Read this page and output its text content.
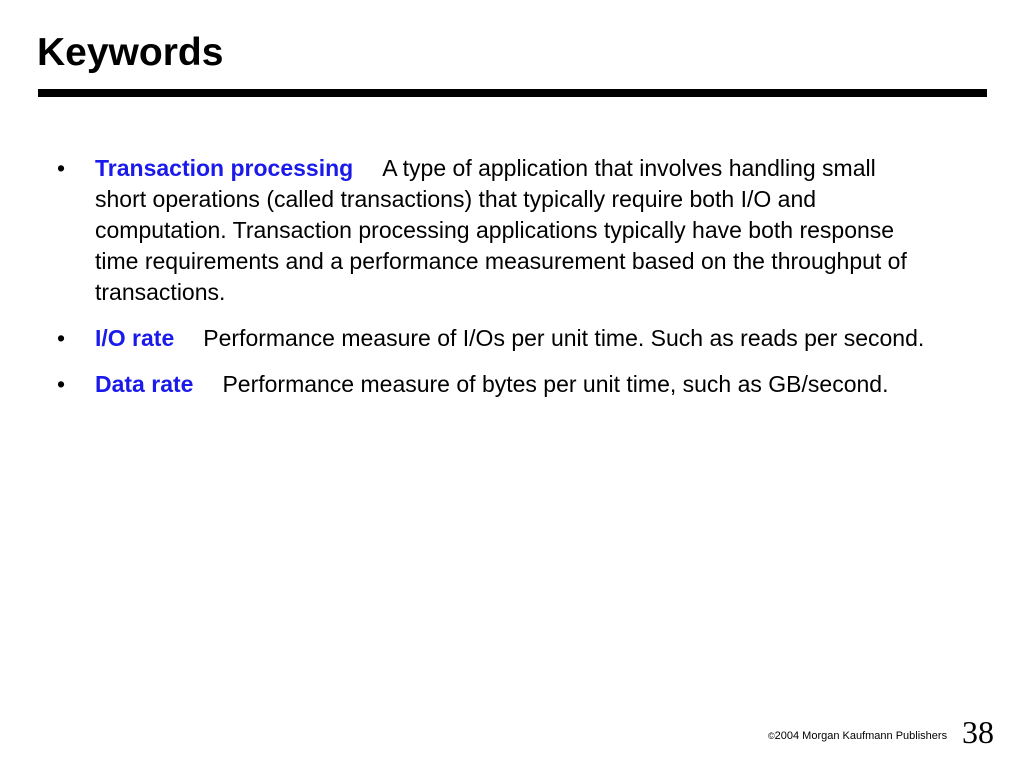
Keywords
• Transaction processing A type of application that involves handling small short operations (called transactions) that typically require both I/O and computation. Transaction processing applications typically have both response time requirements and a performance measurement based on the throughput of transactions.
• I/O rate Performance measure of I/Os per unit time. Such as reads per second.
• Data rate Performance measure of bytes per unit time, such as GB/second.
©2004 Morgan Kaufmann Publishers 38
